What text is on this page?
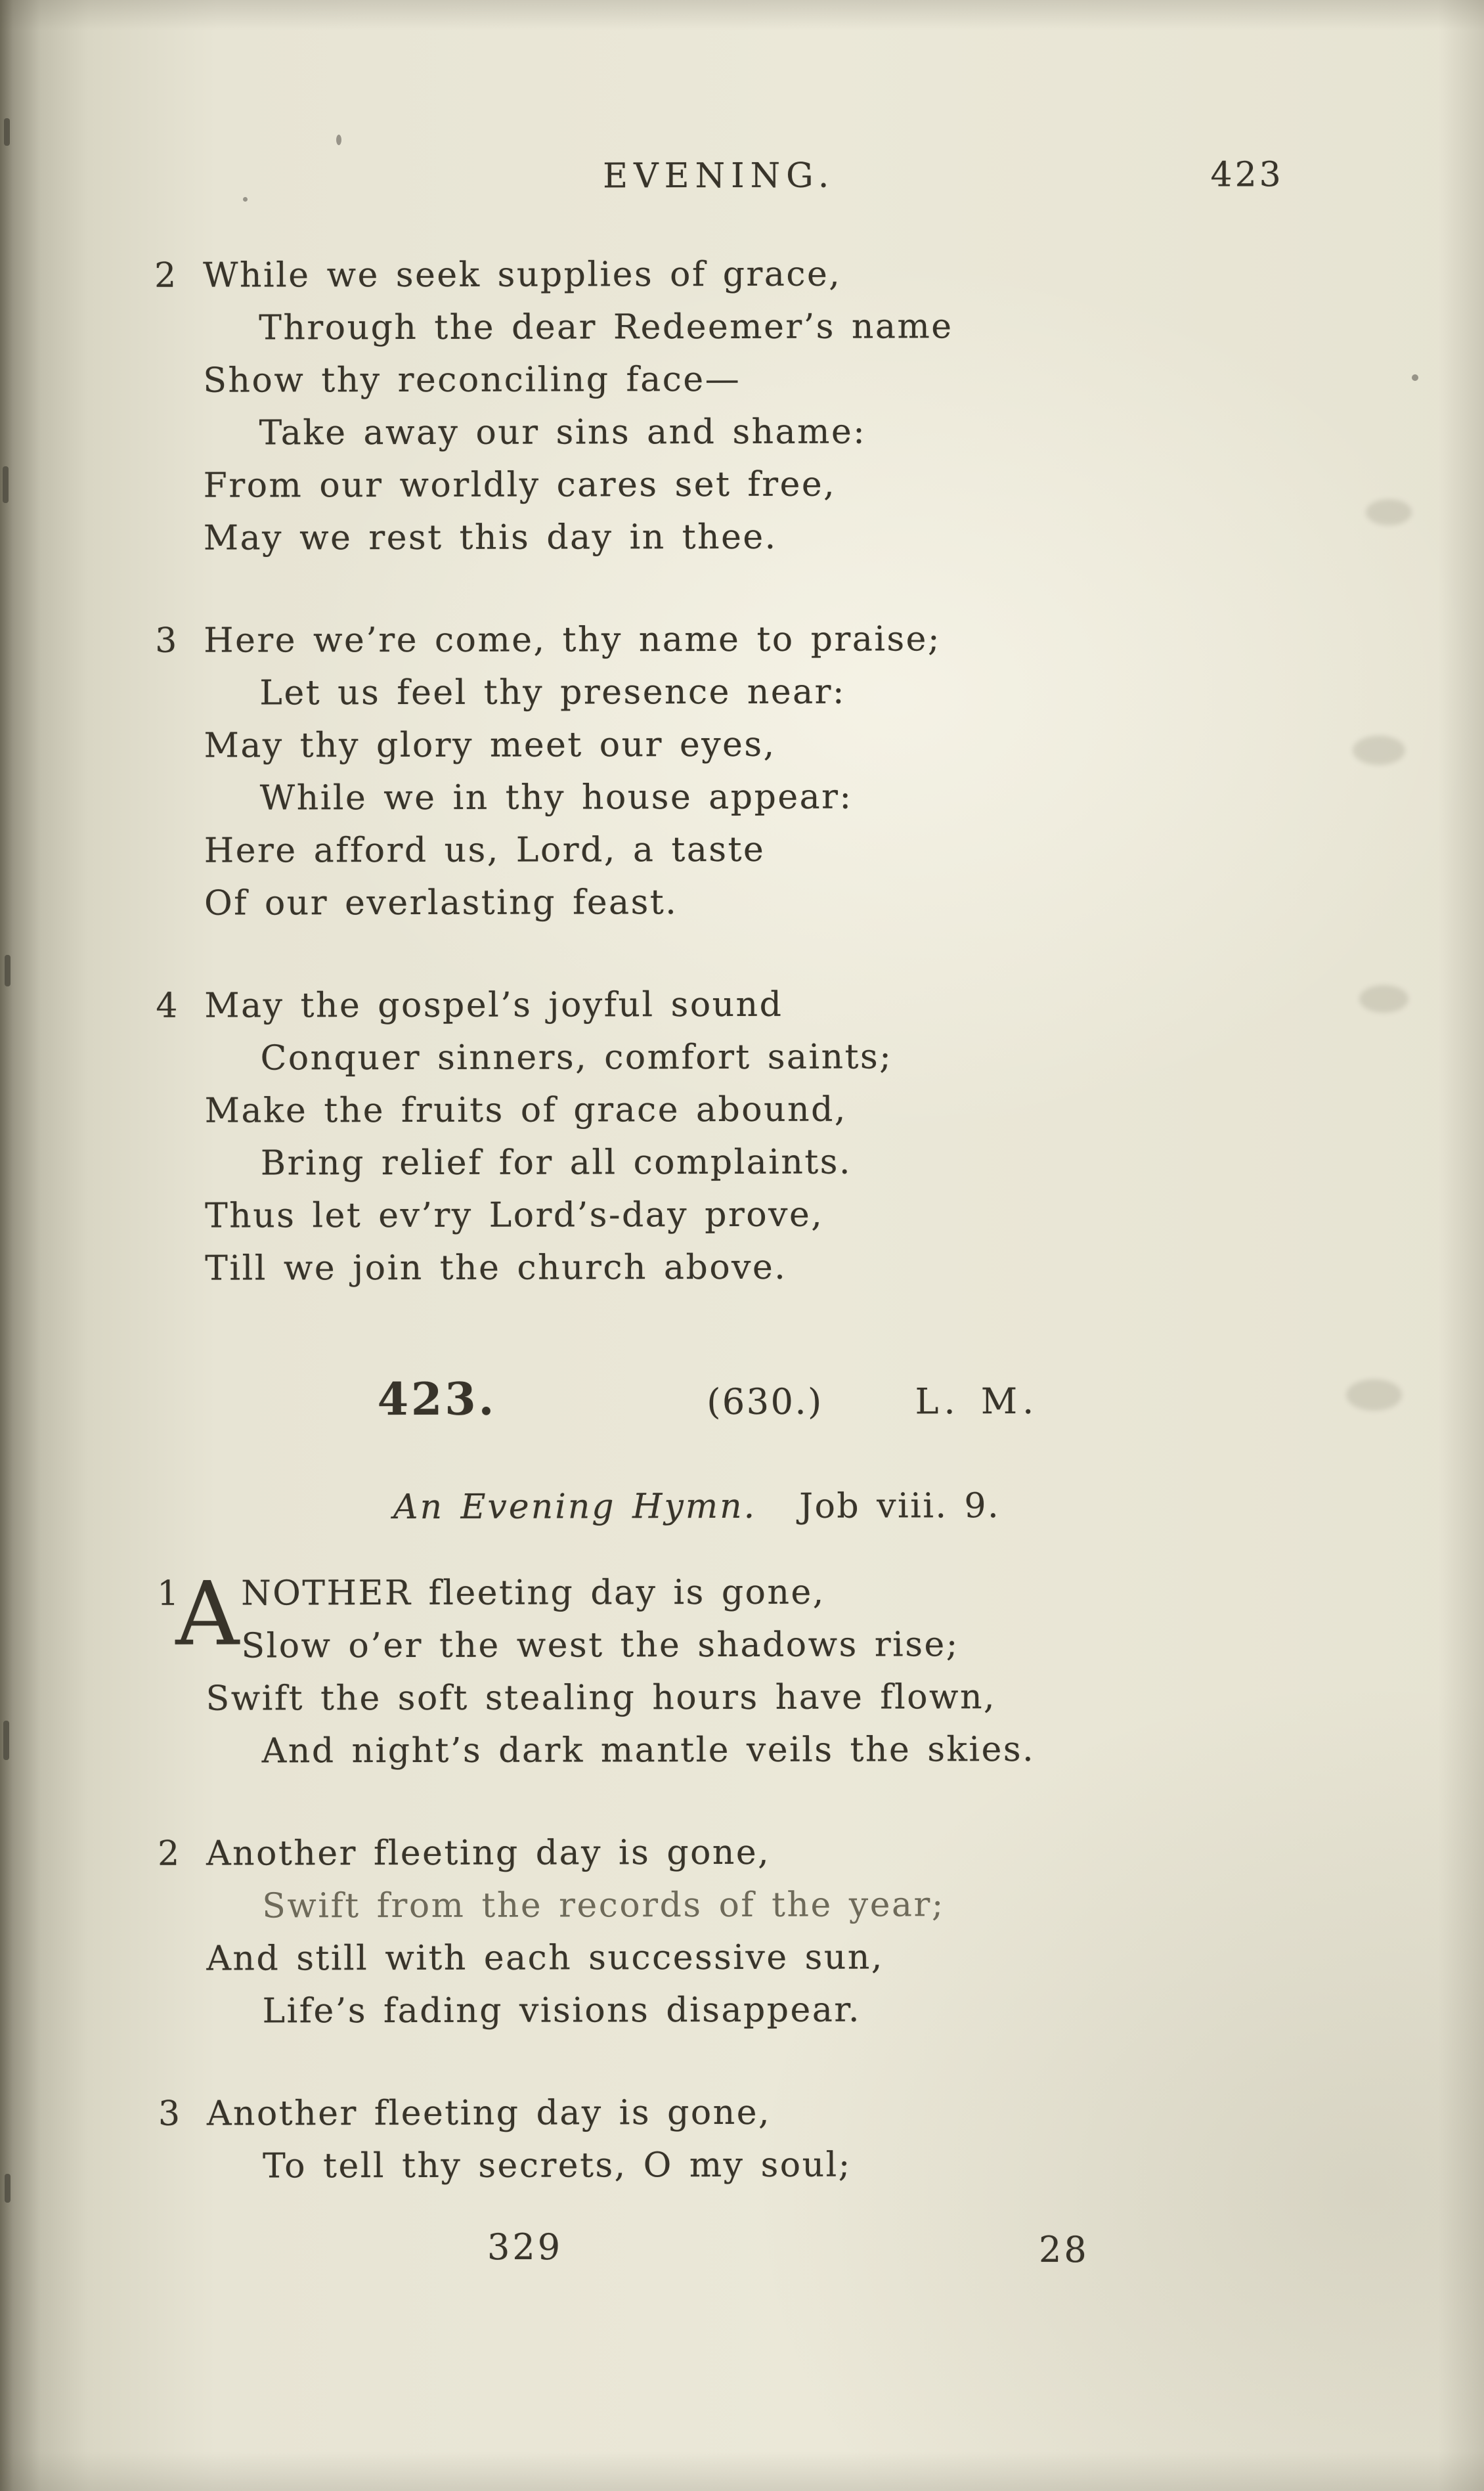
EVENING.	423
2 While we seek supplies of grace,
Through the dear Redeemer’s name
Show thy reconciling face—
Take away our sins and shame:
From our worldly cares set free,
May we rest this day in thee.
3 Here we’re come, thy name to praise;
Let us feel thy presence near:
May thy glory meet our eyes,
While we in thy house appear:
Here afford us, Lord, a taste
Of our everlasting feast.
4 May the gospel’s joyful sound
Conquer sinners, comfort saints;
Make the fruits of grace abound,
Bring relief for all complaints.
Thus let ev’ry Lord’s-day prove,
Till we join the church above.
423.	(630.)	L. M.
An Evening Hymn. Job viii. 9.
1
A NOTHER fleeting day is gone,
Slow o’er the west the shadows rise;
Swift the soft stealing hours have flown,
And night’s dark mantle veils the skies.
2 Another fleeting day is gone,
Swift from the records of the year;
And still with each successive sun,
Life’s fading visions disappear.
3 Another fleeting day is gone,
To tell thy secrets, O my soul;
329	28
